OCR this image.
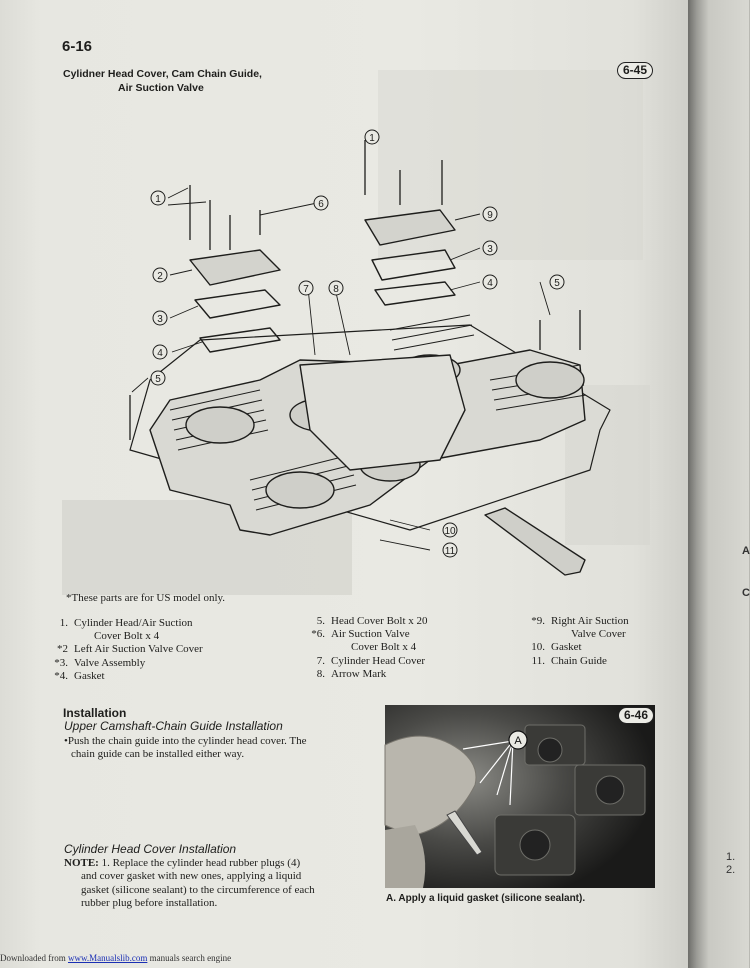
A
C
1.
2.
6-16
Cylidner Head Cover, Cam Chain Guide,
Air Suction Valve
6-45
1
1	6
9
3
4
2
7 8
5
3
4
5
10
11
*These parts are for US model only.
1. Cylinder Head/Air Suction
Cover Bolt x 4
*2 Left Air Suction Valve Cover
*3. Valve Assembly
*4. Gasket
5. Head Cover Bolt x 20
*6. Air Suction Valve
Cover Bolt x 4
7. Cylinder Head Cover
8. Arrow Mark
*9. Right Air Suction
Valve Cover
10. Gasket
11. Chain Guide
Installation
Upper Camshaft-Chain Guide Installation
•Push the chain guide into the cylinder head cover. The
chain guide can be installed either way.
Cylinder Head Cover Installation
NOTE: 1. Replace the cylinder head rubber plugs (4)
and cover gasket with new ones, applying a liquid
gasket (silicone sealant) to the circumference of each
rubber plug before installation.
A
6-46
A. Apply a liquid gasket (silicone sealant).
Downloaded from www.Manualslib.com manuals search engine
